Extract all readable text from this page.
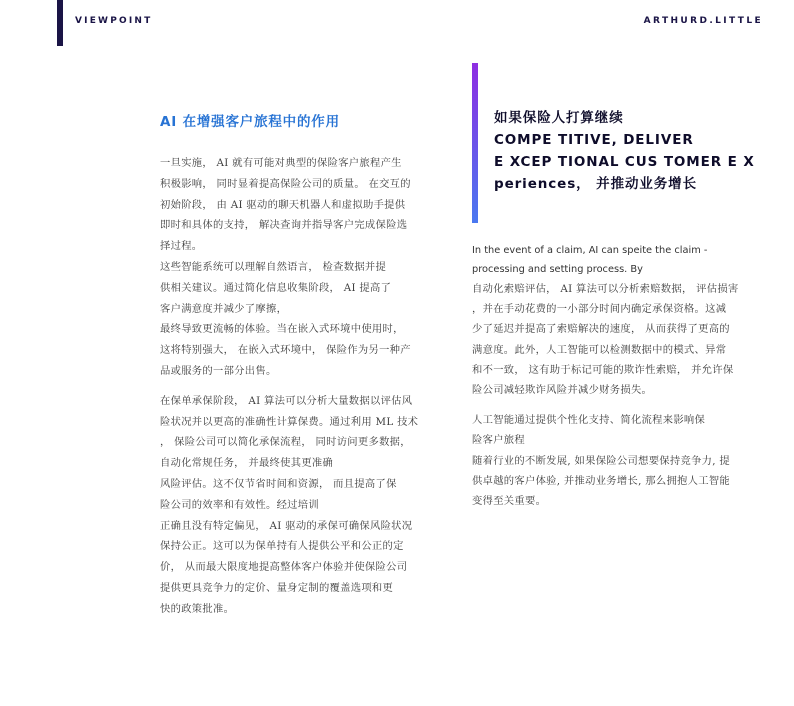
VIEWPOINT	ARTHURD.LITTLE
AI 在增强客户旅程中的作用

一旦实施， AI 就有可能对典型的保险客户旅程产生
积极影响， 同时显着提高保险公司的质量。 在交互的
初始阶段， 由 AI 驱动的聊天机器人和虚拟助手提供
即时和具体的支持， 解决查询并指导客户完成保险选
择过程。
这些智能系统可以理解自然语言， 检查数据并提
供相关建议。通过简化信息收集阶段， AI 提高了
客户满意度并减少了摩擦，
最终导致更流畅的体验。当在嵌入式环境中使用时，
这将特别强大， 在嵌入式环境中， 保险作为另一种产
品或服务的一部分出售。

在保单承保阶段， AI 算法可以分析大量数据以评估风
险状况并以更高的准确性计算保费。通过利用 ML 技术
， 保险公司可以简化承保流程， 同时访问更多数据，
自动化常规任务， 并最终使其更准确
风险评估。这不仅节省时间和资源， 而且提高了保
险公司的效率和有效性。经过培训
正确且没有特定偏见， AI 驱动的承保可确保风险状况
保持公正。这可以为保单持有人提供公平和公正的定
价， 从而最大限度地提高整体客户体验并使保险公司
提供更具竞争力的定价、量身定制的覆盖选项和更
快的政策批准。

如果保险人打算继续
COMPE TITIVE, DELIVER
E XCEP TIONAL CUS TOMER E X
periences， 并推动业务增长

In the event of a claim, AI can speite the claim -
processing and setting process. By

自动化索赔评估， AI 算法可以分析索赔数据， 评估损害
，并在手动花费的一小部分时间内确定承保资格。这减
少了延迟并提高了索赔解决的速度， 从而获得了更高的
满意度。此外，人工智能可以检测数据中的模式、异常
和不一致， 这有助于标记可能的欺诈性索赔， 并允许保
险公司减轻欺诈风险并减少财务损失。

人工智能通过提供个性化支持、简化流程来影响保
险客户旅程
随着行业的不断发展, 如果保险公司想要保持竞争力, 提
供卓越的客户体验, 并推动业务增长, 那么拥抱人工智能
变得至关重要。
